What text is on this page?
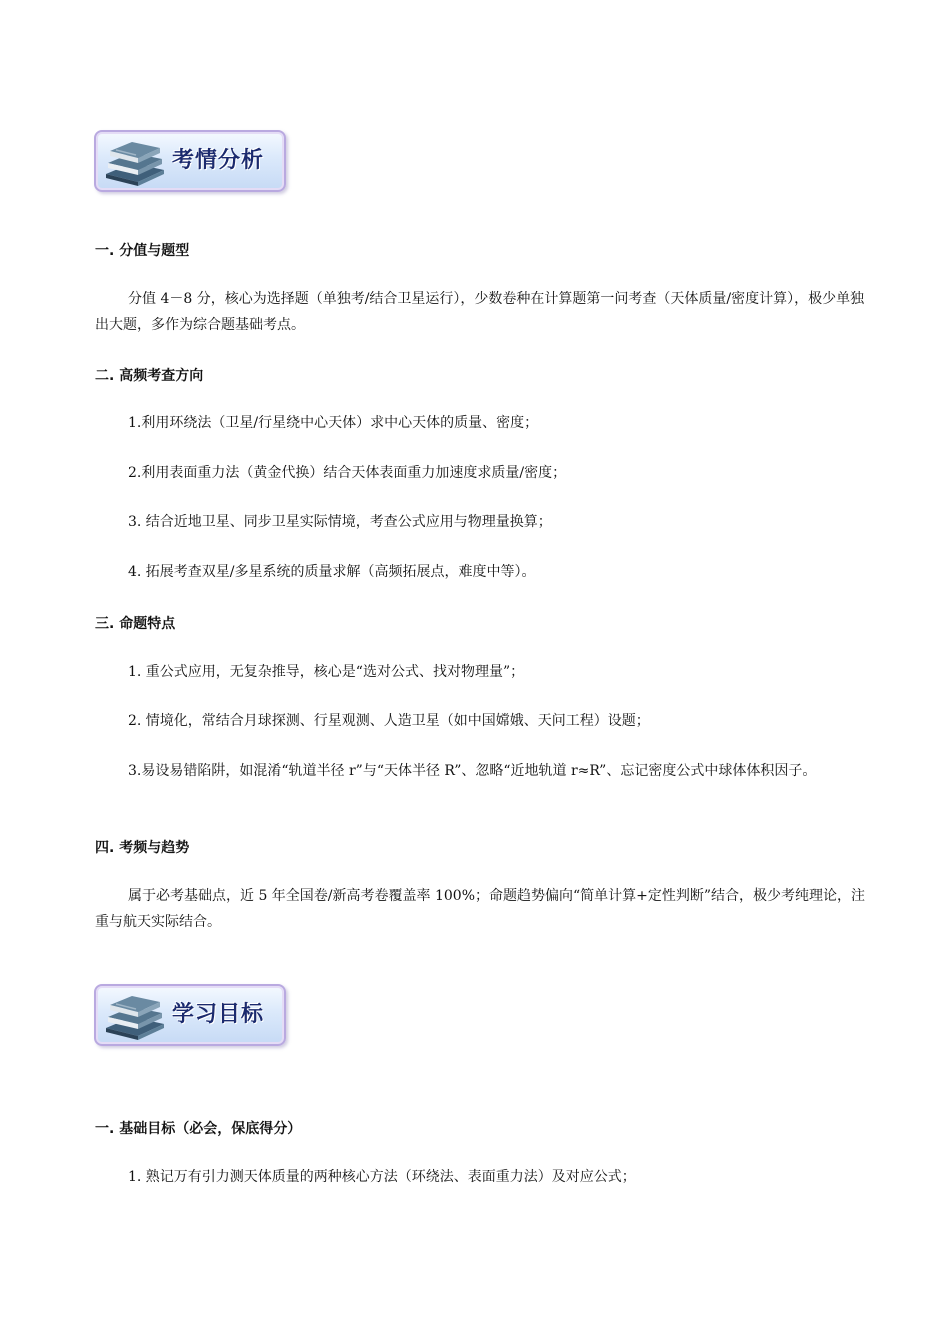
考情分析
一. 分值与题型

分值 4－8 分，核心为选择题（单独考/结合卫星运行），少数卷种在计算题第一问考查（天体质量/密度计算），极少单独出大题，多作为综合题基础考点。

二. 高频考查方向

1.利用环绕法（卫星/行星绕中心天体）求中心天体的质量、密度；

2.利用表面重力法（黄金代换）结合天体表面重力加速度求质量/密度；

3. 结合近地卫星、同步卫星实际情境，考查公式应用与物理量换算；

4. 拓展考查双星/多星系统的质量求解（高频拓展点，难度中等）。

三. 命题特点

1. 重公式应用，无复杂推导，核心是“选对公式、找对物理量”；

2. 情境化，常结合月球探测、行星观测、人造卫星（如中国嫦娥、天问工程）设题；

3.易设易错陷阱，如混淆“轨道半径 r”与“天体半径 R”、忽略“近地轨道 r≈R”、忘记密度公式中球体体积因子。

四. 考频与趋势

属于必考基础点，近 5 年全国卷/新高考卷覆盖率 100%；命题趋势偏向“简单计算+定性判断”结合，极少考纯理论，注重与航天实际结合。

学习目标
一. 基础目标（必会，保底得分）

1. 熟记万有引力测天体质量的两种核心方法（环绕法、表面重力法）及对应公式；
